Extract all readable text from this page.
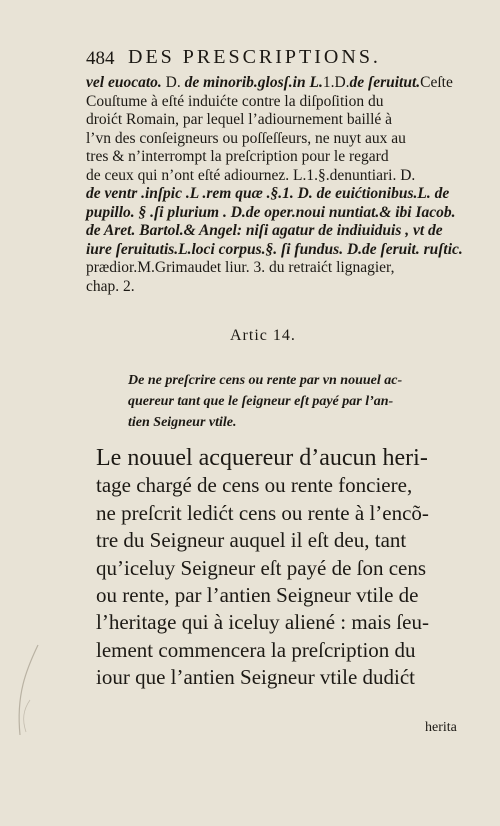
484 DES PRESCRIPTIONS.
vel euocato. D. de minorib.glosſ.in L.1.D.de ſeruitut.Ceſte
Couſtume à eſté induićte contre la diſpoſition du
droićt Romain, par lequel l’adiournement baillé à
l’vn des conſeigneurs ou poſſeſſeurs, ne nuyt aux au
tres & n’interrompt la preſcription pour le regard
de ceux qui n’ont eſté adiournez. L.1.§.denuntiari. D.
de ventr .inſpic .L .rem quæ .§.1. D. de euićtionibus.L. de
pupillo. § .ſi plurium . D.de oper.noui nuntiat.& ibi Iacob.
de Aret. Bartol.& Angel: niſi agatur de indiuiduis , vt de
iure ſeruitutis.L.loci corpus.§. ſi fundus. D.de ſeruit. ruſtic.
prædior.M.Grimaudet liur. 3. du retraićt lignagier,
chap. 2.
Artic 14.
De ne preſcrire cens ou rente par vn nouuel ac-
quereur tant que le ſeigneur eſt payé par l’an-
tien Seigneur vtile.
Le nouuel acquereur d’aucun heri-
tage chargé de cens ou rente fonciere,
ne preſcrit ledićt cens ou rente à l’encõ-
tre du Seigneur auquel il eſt deu, tant
qu’iceluy Seigneur eſt payé de ſon cens
ou rente, par l’antien Seigneur vtile de
l’heritage qui à iceluy aliené : mais ſeu-
lement commencera la preſcription du
iour que l’antien Seigneur vtile dudićt
herita
